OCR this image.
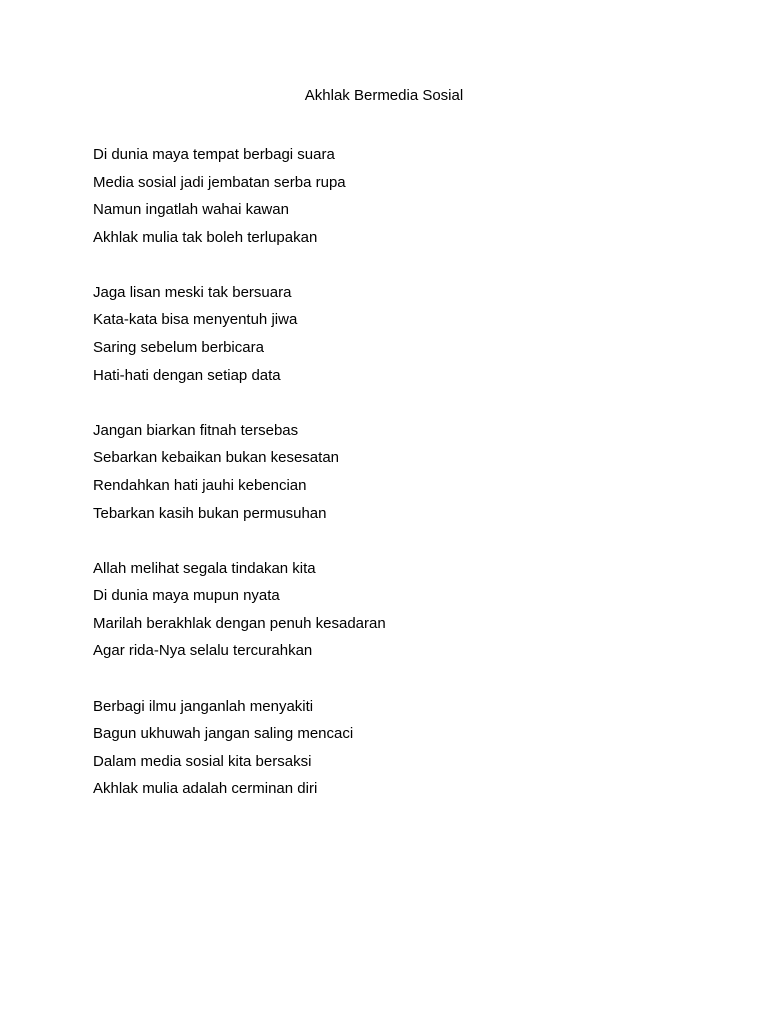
Akhlak Bermedia Sosial
Di dunia maya tempat berbagi suara
Media sosial jadi jembatan serba rupa
Namun ingatlah wahai kawan
Akhlak mulia tak boleh terlupakan
Jaga lisan meski tak bersuara
Kata-kata bisa menyentuh jiwa
Saring sebelum berbicara
Hati-hati dengan setiap data
Jangan biarkan fitnah tersebas
Sebarkan kebaikan bukan kesesatan
Rendahkan hati jauhi kebencian
Tebarkan kasih bukan permusuhan
Allah melihat segala tindakan kita
Di dunia maya mupun nyata
Marilah berakhlak dengan penuh kesadaran
Agar rida-Nya selalu tercurahkan
Berbagi ilmu janganlah menyakiti
Bagun ukhuwah jangan saling mencaci
Dalam media sosial kita bersaksi
Akhlak mulia adalah cerminan diri
